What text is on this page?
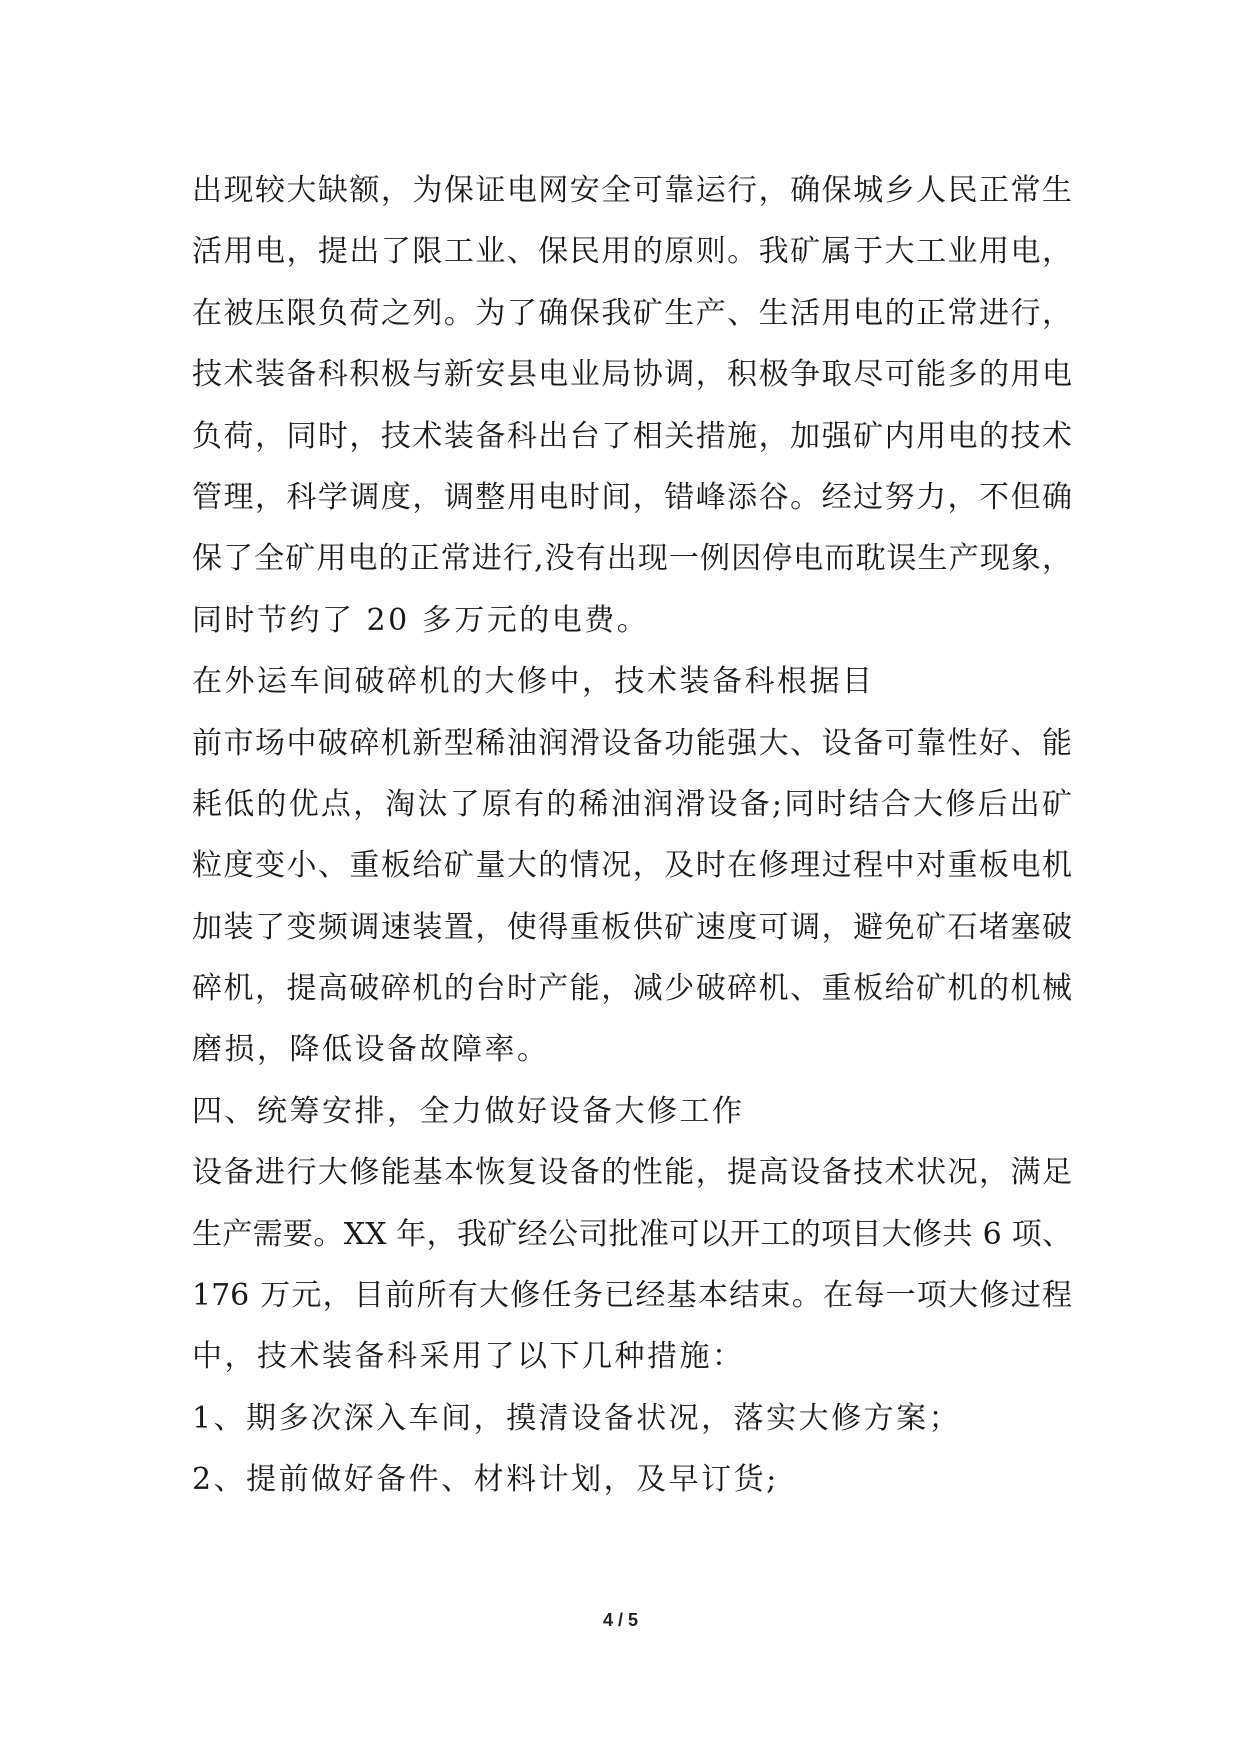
出现较大缺额，为保证电网安全可靠运行，确保城乡人民正常生
活用电，提出了限工业、保民用的原则。我矿属于大工业用电，
在被压限负荷之列。为了确保我矿生产、生活用电的正常进行，
技术装备科积极与新安县电业局协调，积极争取尽可能多的用电
负荷，同时，技术装备科出台了相关措施，加强矿内用电的技术
管理，科学调度，调整用电时间，错峰添谷。经过努力，不但确
保了全矿用电的正常进行,没有出现一例因停电而耽误生产现象，
同时节约了 20 多万元的电费。
在外运车间破碎机的大修中，技术装备科根据目
前市场中破碎机新型稀油润滑设备功能强大、设备可靠性好、能
耗低的优点，淘汰了原有的稀油润滑设备;同时结合大修后出矿
粒度变小、重板给矿量大的情况，及时在修理过程中对重板电机
加装了变频调速装置，使得重板供矿速度可调，避免矿石堵塞破
碎机，提高破碎机的台时产能，减少破碎机、重板给矿机的机械
磨损，降低设备故障率。
四、统筹安排，全力做好设备大修工作
设备进行大修能基本恢复设备的性能，提高设备技术状况，满足
生产需要。XX 年，我矿经公司批准可以开工的项目大修共 6 项、
176 万元，目前所有大修任务已经基本结束。在每一项大修过程
中，技术装备科采用了以下几种措施：
1、期多次深入车间，摸清设备状况，落实大修方案；
2、提前做好备件、材料计划，及早订货;
4 / 5
